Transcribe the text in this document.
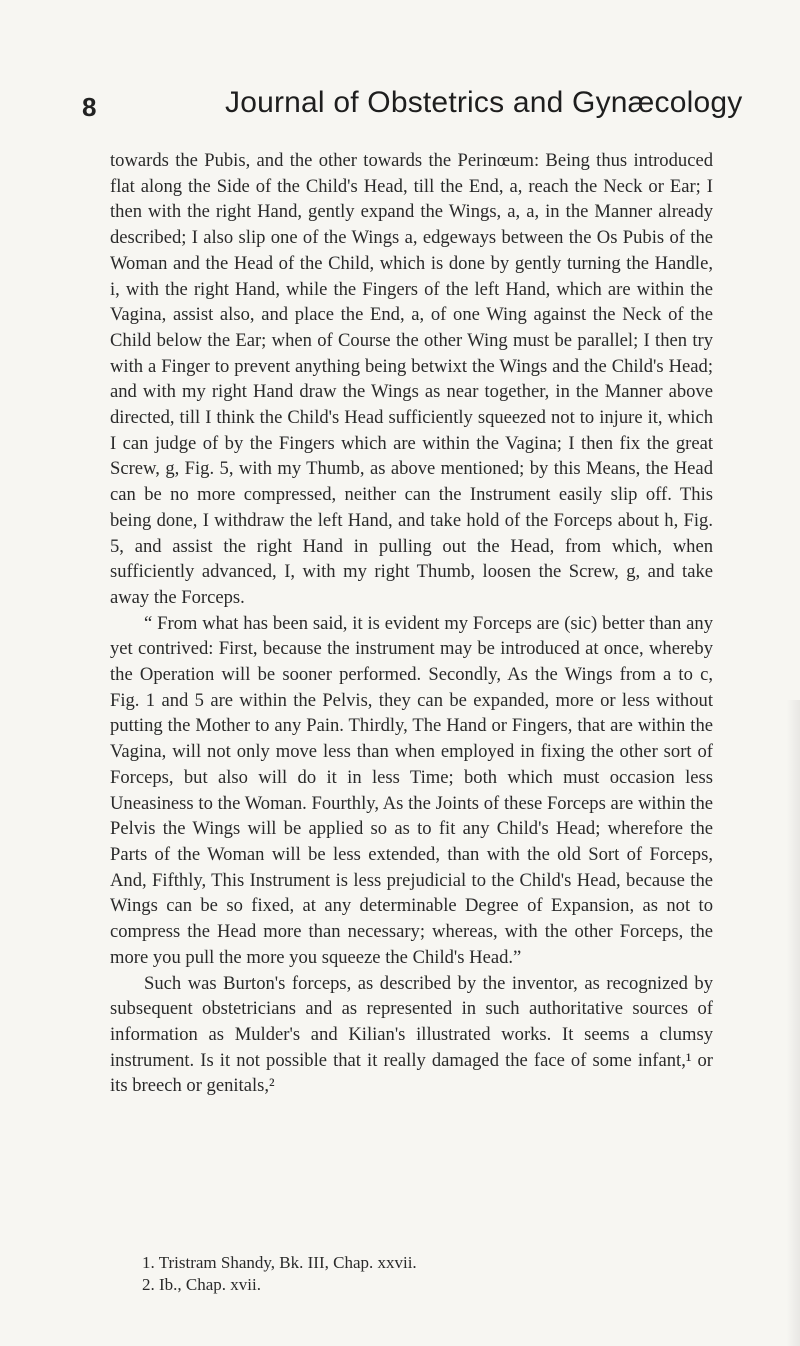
8	Journal of Obstetrics and Gynæcology

towards the Pubis, and the other towards the Perinœum: Being thus introduced flat along the Side of the Child's Head, till the End, a, reach the Neck or Ear; I then with the right Hand, gently expand the Wings, a, a, in the Manner already described; I also slip one of the Wings a, edgeways between the Os Pubis of the Woman and the Head of the Child, which is done by gently turning the Handle, i, with the right Hand, while the Fingers of the left Hand, which are within the Vagina, assist also, and place the End, a, of one Wing against the Neck of the Child below the Ear; when of Course the other Wing must be parallel; I then try with a Finger to prevent anything being betwixt the Wings and the Child's Head; and with my right Hand draw the Wings as near together, in the Manner above directed, till I think the Child's Head sufficiently squeezed not to injure it, which I can judge of by the Fingers which are within the Vagina; I then fix the great Screw, g, Fig. 5, with my Thumb, as above mentioned; by this Means, the Head can be no more compressed, neither can the Instrument easily slip off. This being done, I withdraw the left Hand, and take hold of the Forceps about h, Fig. 5, and assist the right Hand in pulling out the Head, from which, when sufficiently advanced, I, with my right Thumb, loosen the Screw, g, and take away the Forceps.

“ From what has been said, it is evident my Forceps are (sic) better than any yet contrived: First, because the instrument may be introduced at once, whereby the Operation will be sooner performed. Secondly, As the Wings from a to c, Fig. 1 and 5 are within the Pelvis, they can be expanded, more or less without putting the Mother to any Pain. Thirdly, The Hand or Fingers, that are within the Vagina, will not only move less than when employed in fixing the other sort of Forceps, but also will do it in less Time; both which must occasion less Uneasiness to the Woman. Fourthly, As the Joints of these Forceps are within the Pelvis the Wings will be applied so as to fit any Child's Head; wherefore the Parts of the Woman will be less extended, than with the old Sort of Forceps, And, Fifthly, This Instrument is less prejudicial to the Child's Head, because the Wings can be so fixed, at any determinable Degree of Expansion, as not to compress the Head more than necessary; whereas, with the other Forceps, the more you pull the more you squeeze the Child's Head.”

Such was Burton's forceps, as described by the inventor, as recognized by subsequent obstetricians and as represented in such authoritative sources of information as Mulder's and Kilian's illustrated works. It seems a clumsy instrument. Is it not possible that it really damaged the face of some infant,¹ or its breech or genitals,²

1. Tristram Shandy, Bk. III, Chap. xxvii.

2. Ib., Chap. xvii.
